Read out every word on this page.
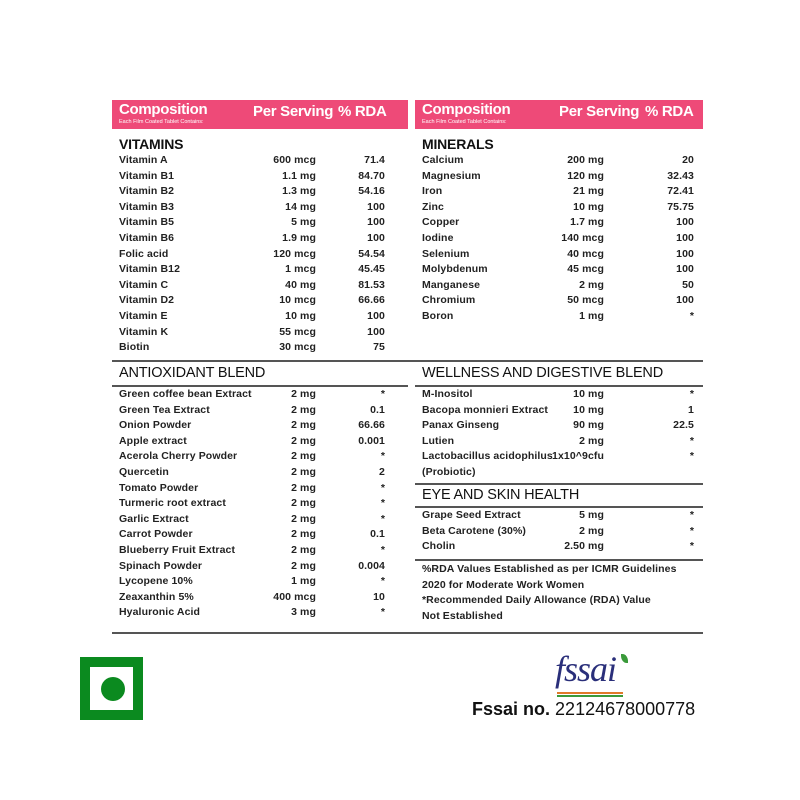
Composition
Each Film Coated Tablet Contains:
Per Serving % RDA
VITAMINS
Vitamin A	600 mcg	71.4
Vitamin B1	1.1 mg	84.70
Vitamin B2	1.3 mg	54.16
Vitamin B3	14 mg	100
Vitamin B5	5 mg	100
Vitamin B6	1.9 mg	100
Folic acid	120 mcg	54.54
Vitamin B12	1 mcg	45.45
Vitamin C	40 mg	81.53
Vitamin D2	10 mcg	66.66
Vitamin E	10 mg	100
Vitamin K	55 mcg	100
Biotin	30 mcg	75
ANTIOXIDANT BLEND
Green coffee bean Extract	2 mg	*
Green Tea Extract	2 mg	0.1
Onion Powder	2 mg	66.66
Apple extract	2 mg	0.001
Acerola Cherry Powder	2 mg	*
Quercetin	2 mg	2
Tomato Powder	2 mg	*
Turmeric root extract	2 mg	*
Garlic Extract	2 mg	*
Carrot Powder	2 mg	0.1
Blueberry Fruit Extract	2 mg	*
Spinach Powder	2 mg	0.004
Lycopene 10%	1 mg	*
Zeaxanthin 5%	400 mcg	10
Hyaluronic Acid	3 mg	*
Composition
Each Film Coated Tablet Contains:
Per Serving % RDA
MINERALS
Calcium	200 mg	20
Magnesium	120 mg	32.43
Iron	21 mg	72.41
Zinc	10 mg	75.75
Copper	1.7 mg	100
Iodine	140 mcg	100
Selenium	40 mcg	100
Molybdenum	45 mcg	100
Manganese	2 mg	50
Chromium	50 mcg	100
Boron	1 mg	*
WELLNESS AND DIGESTIVE BLEND
M-Inositol	10 mg	*
Bacopa monnieri Extract 10 mg	1
Panax Ginseng	90 mg	22.5
Lutien	2 mg	*
Lactobacillus acidophilus 1x10^9cfu	*
(Probiotic)
EYE AND SKIN HEALTH
Grape Seed Extract	5 mg	*
Beta Carotene (30%)	2 mg	*
Cholin	2.50 mg	*
%RDA Values Established as per ICMR Guidelines
2020 for Moderate Work Women
*Recommended Daily Allowance (RDA) Value
Not Established
fssai
Fssai no. 22124678000778
